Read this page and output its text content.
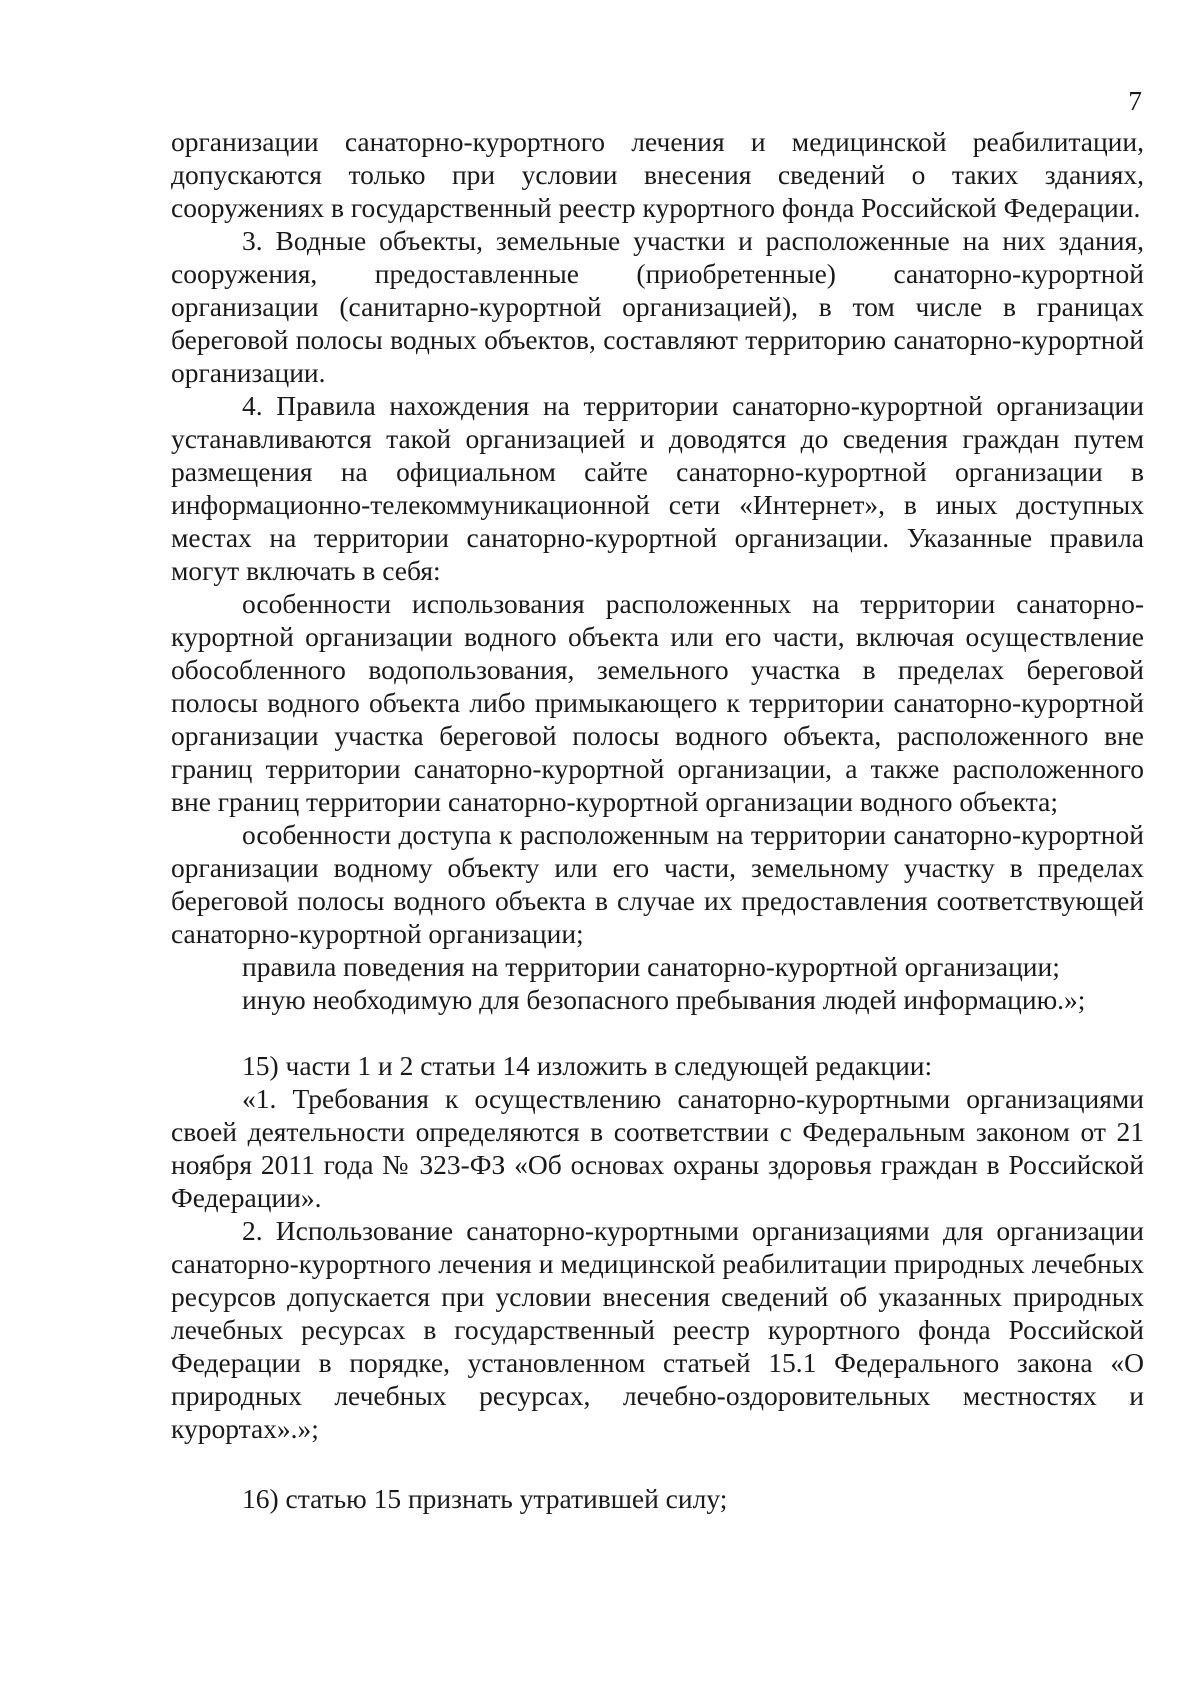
7

организации санаторно-курортного лечения и медицинской реабилитации, допускаются только при условии внесения сведений о таких зданиях, сооружениях в государственный реестр курортного фонда Российской Федерации.

3. Водные объекты, земельные участки и расположенные на них здания, сооружения, предоставленные (приобретенные) санаторно-курортной организации (санитарно-курортной организацией), в том числе в границах береговой полосы водных объектов, составляют территорию санаторно-курортной организации.

4. Правила нахождения на территории санаторно-курортной организации устанавливаются такой организацией и доводятся до сведения граждан путем размещения на официальном сайте санаторно-курортной организации в информационно-телекоммуникационной сети «Интернет», в иных доступных местах на территории санаторно-курортной организации. Указанные правила могут включать в себя:

особенности использования расположенных на территории санаторно-курортной организации водного объекта или его части, включая осуществление обособленного водопользования, земельного участка в пределах береговой полосы водного объекта либо примыкающего к территории санаторно-курортной организации участка береговой полосы водного объекта, расположенного вне границ территории санаторно-курортной организации, а также расположенного вне границ территории санаторно-курортной организации водного объекта;

особенности доступа к расположенным на территории санаторно-курортной организации водному объекту или его части, земельному участку в пределах береговой полосы водного объекта в случае их предоставления соответствующей санаторно-курортной организации;

правила поведения на территории санаторно-курортной организации;

иную необходимую для безопасного пребывания людей информацию.»;

15) части 1 и 2 статьи 14 изложить в следующей редакции:

«1. Требования к осуществлению санаторно-курортными организациями своей деятельности определяются в соответствии с Федеральным законом от 21 ноября 2011 года № 323-ФЗ «Об основах охраны здоровья граждан в Российской Федерации».

2. Использование санаторно-курортными организациями для организации санаторно-курортного лечения и медицинской реабилитации природных лечебных ресурсов допускается при условии внесения сведений об указанных природных лечебных ресурсах в государственный реестр курортного фонда Российской Федерации в порядке, установленном статьей 15.1 Федерального закона «О природных лечебных ресурсах, лечебно-оздоровительных местностях и курортах».»;

16) статью 15 признать утратившей силу;
